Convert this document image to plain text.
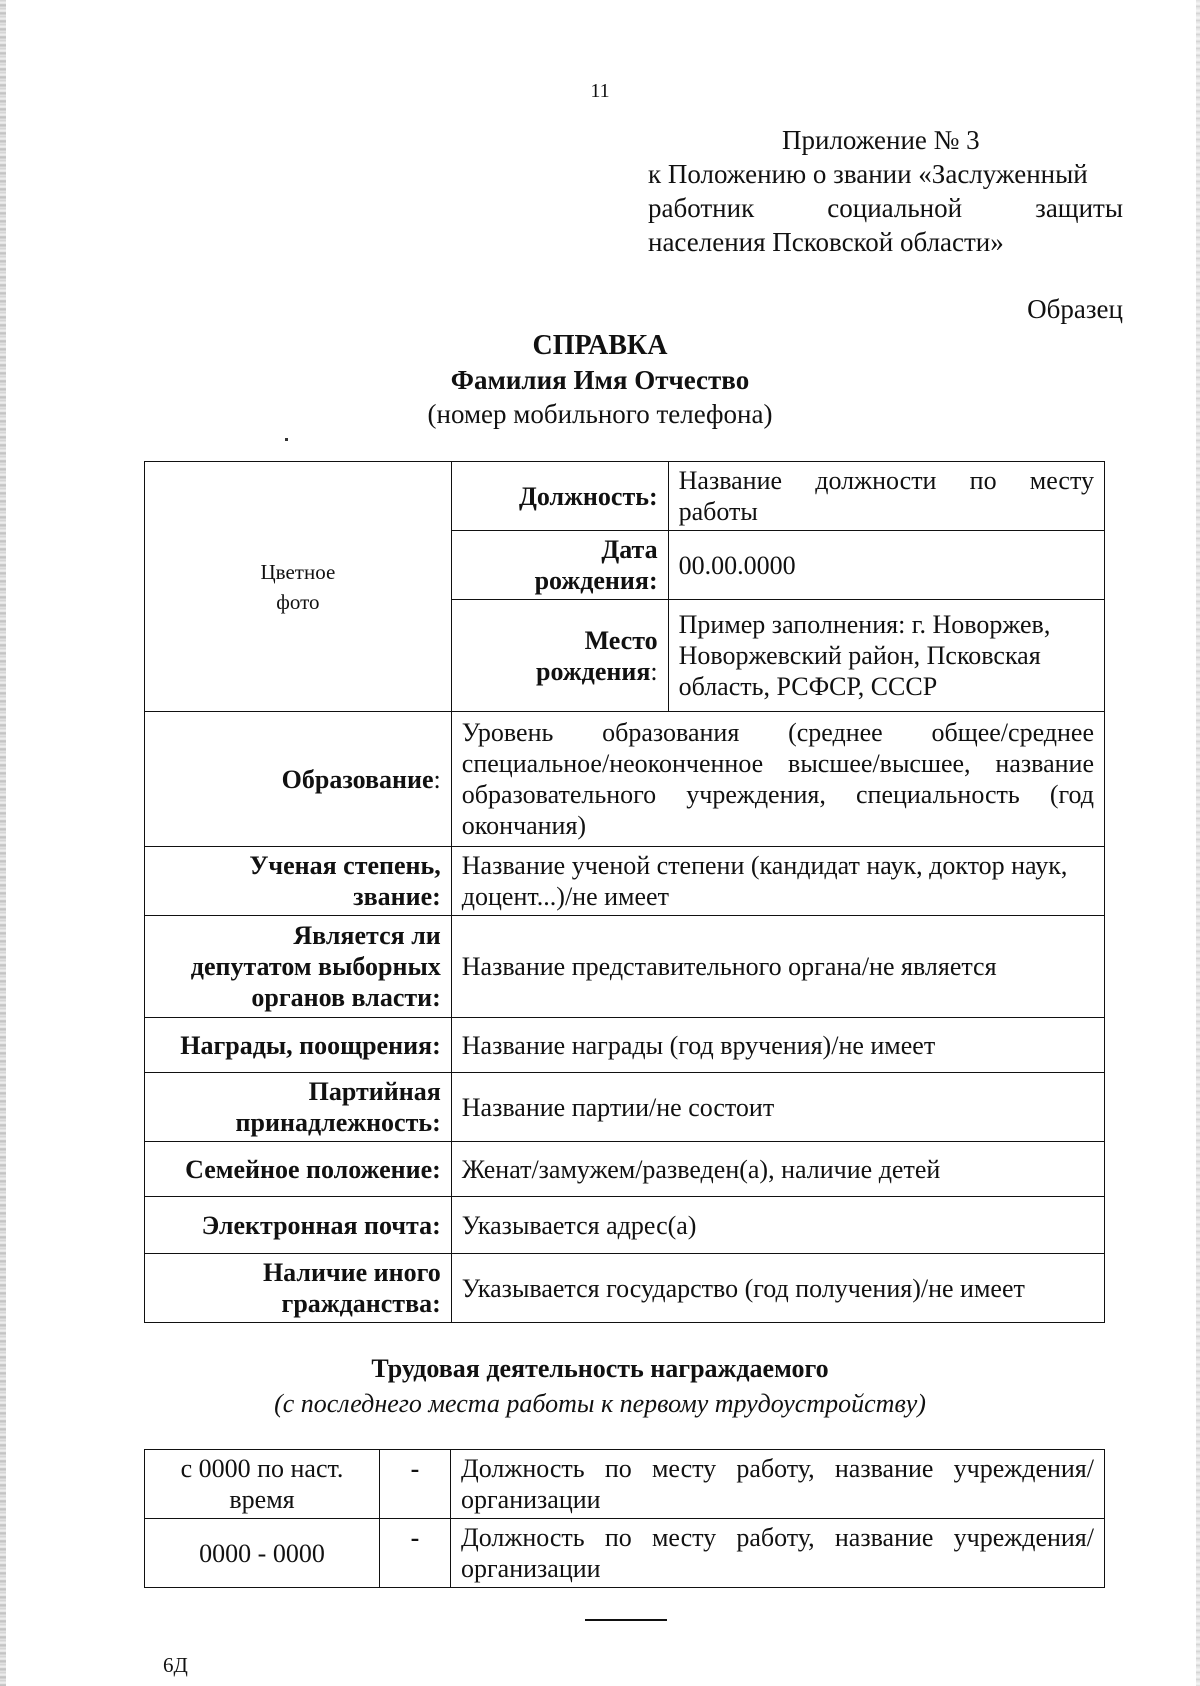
11
Приложение № 3
к Положению о звании «Заслуженный
работник социальной защиты
населения Псковской области»
Образец
СПРАВКА
Фамилия Имя Отчество
(номер мобильного телефона)
Цветное
фото	Должность:	Название должности по месту работы

	Дата
рождения:	00.00.0000

	Место
рождения:	Пример заполнения: г. Новоржев, Новоржевский район, Псковская область, РСФСР, СССР
Образование:	Уровень образования (среднее общее/среднее специальное/неоконченное высшее/высшее, название образовательного учреждения, специальность (год окончания)	

Ученая степень,
звание:	Название ученой степени (кандидат наук, доктор наук, доцент...)/не имеет	

Является ли
депутатом выборных
органов власти:	Название представительного органа/не является	
Награды, поощрения:	Название награды (год вручения)/не имеет	

Партийная
принадлежность:	Название партии/не состоит	
Семейное положение:	Женат/замужем/разведен(а), наличие детей	
Электронная почта:	Указывается адрес(а)	

Наличие иного
гражданства:	Указывается государство (год получения)/не имеет	
Трудовая деятельность награждаемого
(с последнего места работы к первому трудоустройству)
с 0000 по наст. время	-	Должность по месту работу, название учреждения/организации
0000 - 0000	-	Должность по месту работу, название учреждения/организации
6Д
